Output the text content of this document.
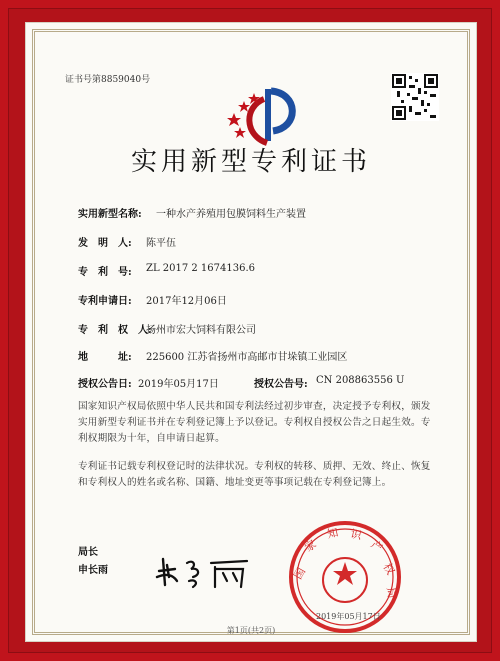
证书号第8859040号
实用新型专利证书
实用新型名称: 一种水产养殖用包膜饲料生产装置
发　明　人: 陈平伍
专　利　号: ZL 2017 2 1674136.6
专利申请日: 2017年12月06日
专　利　权　人:
扬州市宏大饲料有限公司
地　　　址: 225600 江苏省扬州市高邮市甘垛镇工业园区
授权公告日: 2019年05月17日	授权公告号: CN 208863556 U
国家知识产权局依照中华人民共和国专利法经过初步审查，决定授予专利权，颁发实用新型专利证书并在专利登记簿上予以登记。专利权自授权公告之日起生效。专利权期限为十年，自申请日起算。
专利证书记载专利权登记时的法律状况。专利权的转移、质押、无效、终止、恢复和专利权人的姓名或名称、国籍、地址变更等事项记载在专利登记簿上。
局长
申长雨	国
家
知 识
产
权
局
2019年05月17日
第1页(共2页)
